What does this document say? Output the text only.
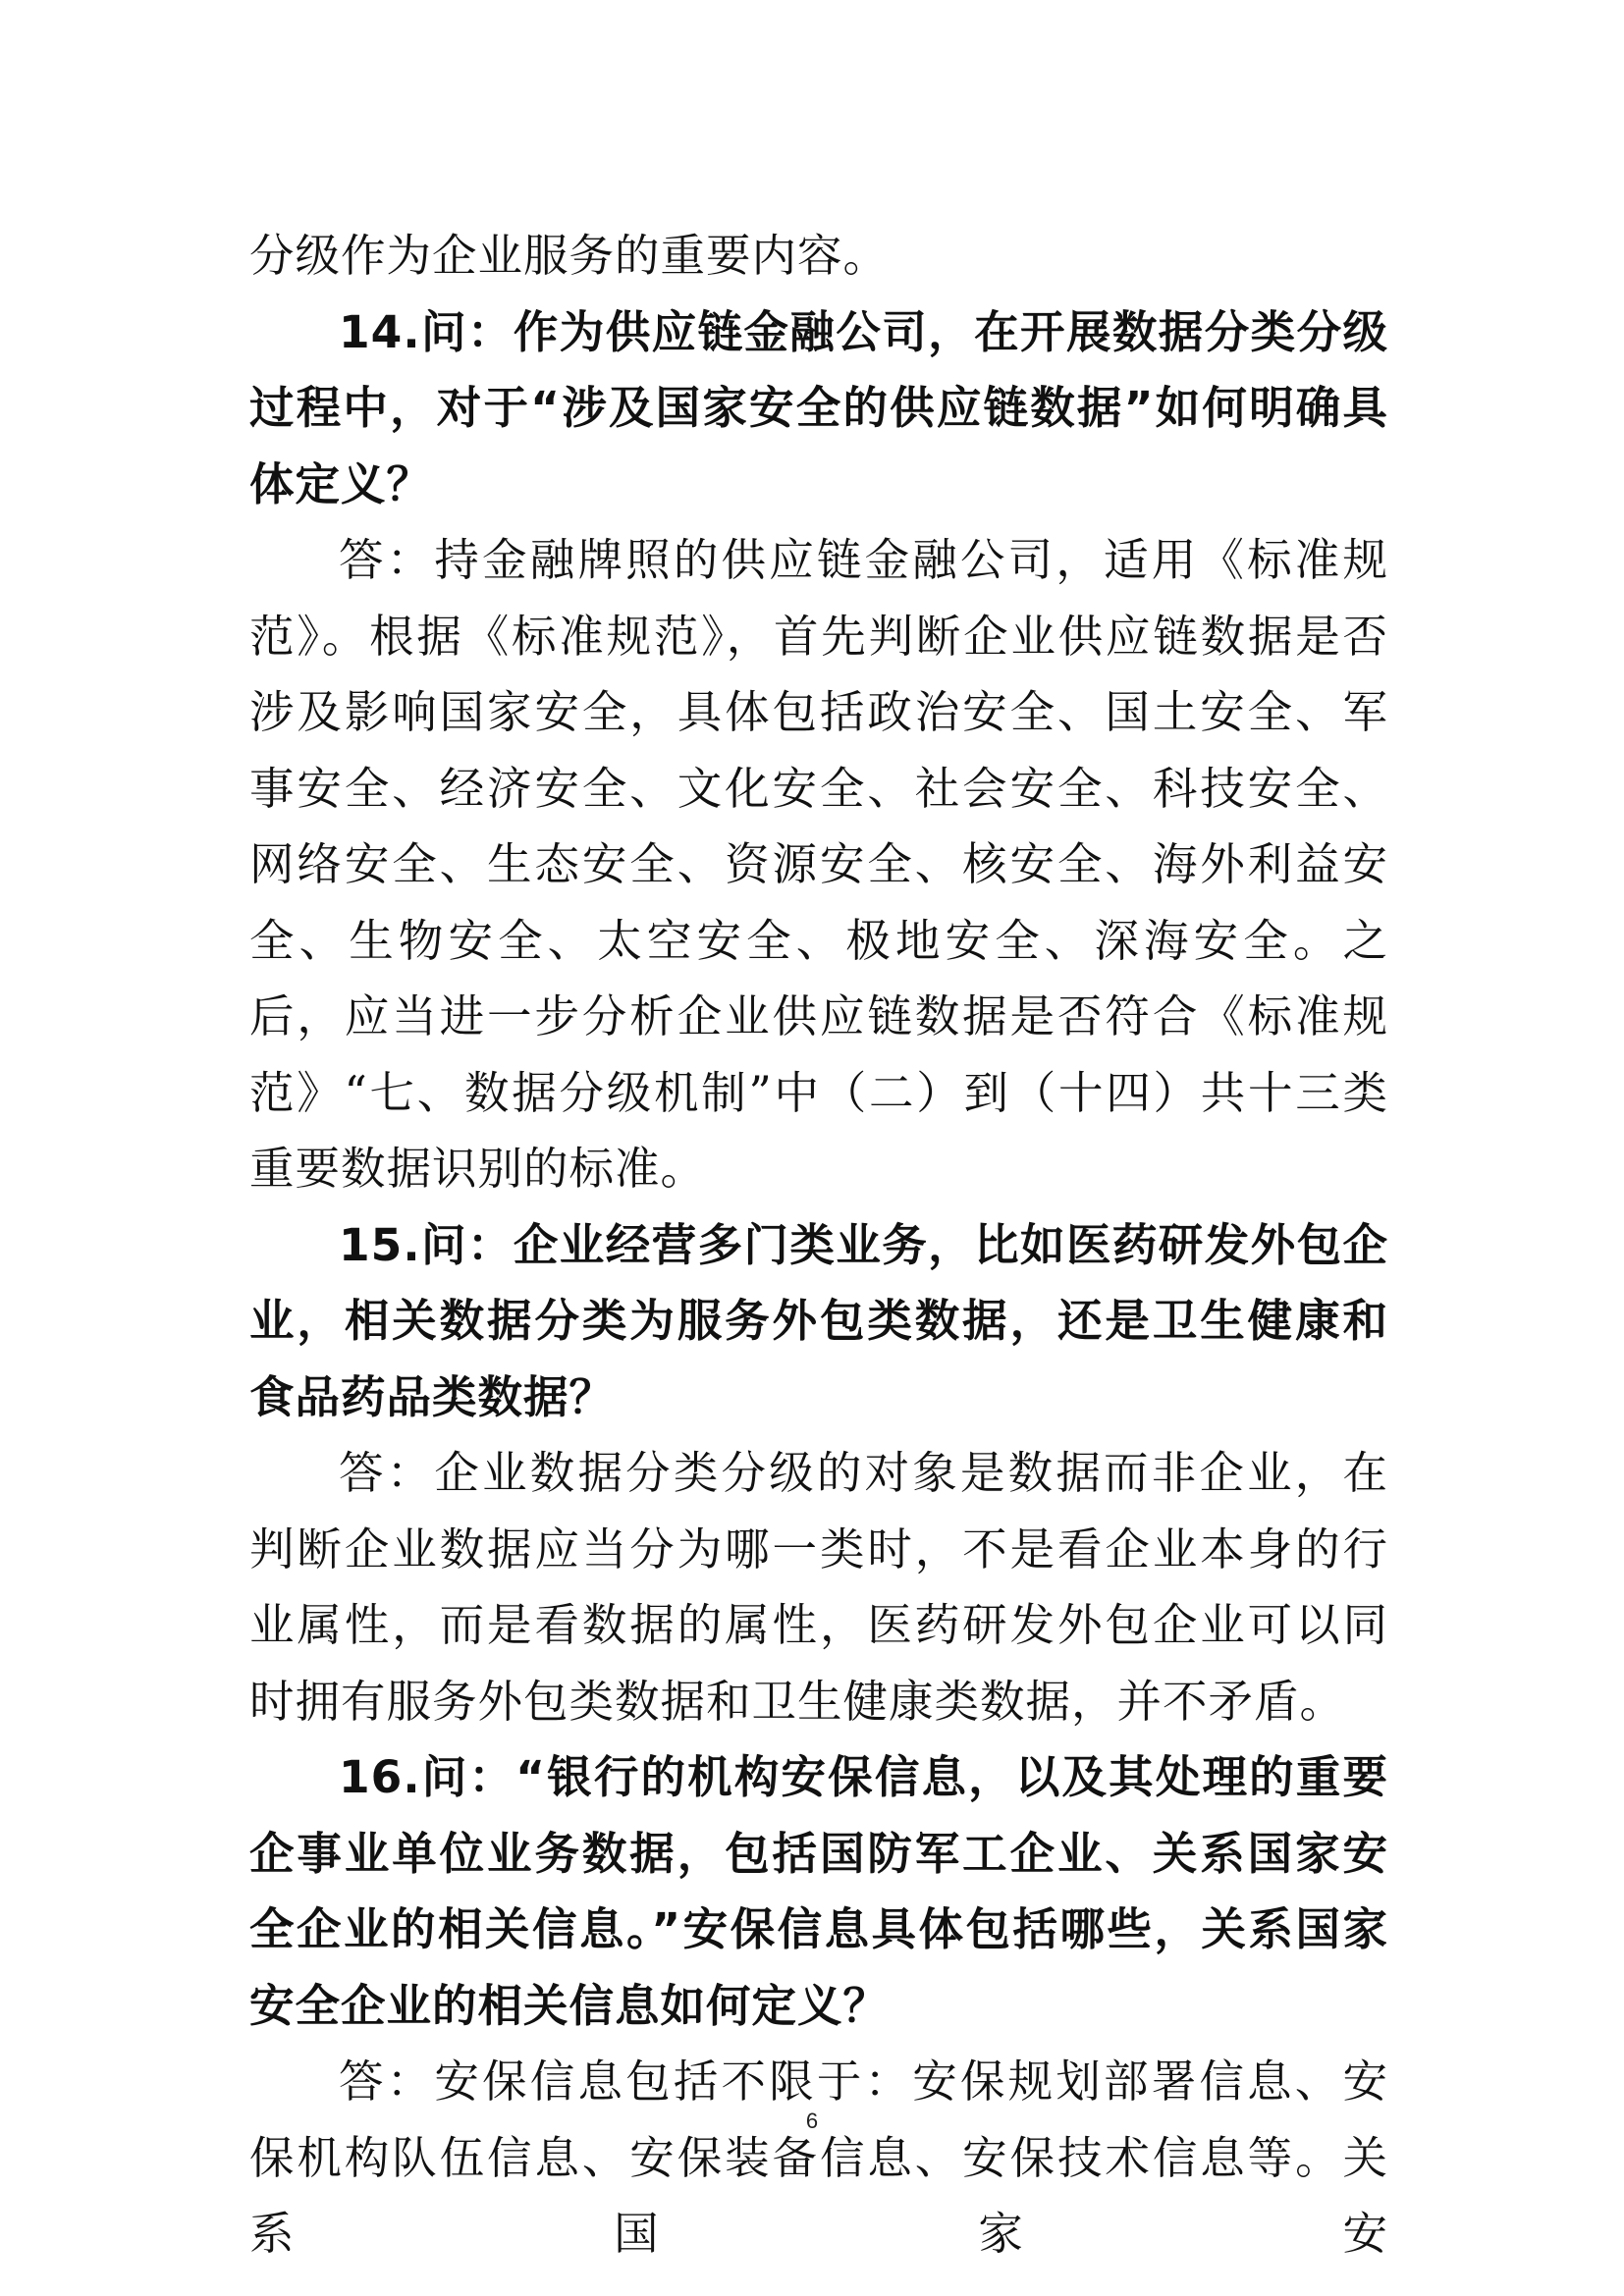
分级作为企业服务的重要内容。

14.问：作为供应链金融公司，在开展数据分类分级过程中，对于“涉及国家安全的供应链数据”如何明确具体定义？

答：持金融牌照的供应链金融公司，适用《标准规范》。根据《标准规范》，首先判断企业供应链数据是否涉及影响国家安全，具体包括政治安全、国土安全、军事安全、经济安全、文化安全、社会安全、科技安全、网络安全、生态安全、资源安全、核安全、海外利益安全、生物安全、太空安全、极地安全、深海安全。之后，应当进一步分析企业供应链数据是否符合《标准规范》“七、数据分级机制”中（二）到（十四）共十三类重要数据识别的标准。

15.问：企业经营多门类业务，比如医药研发外包企业，相关数据分类为服务外包类数据，还是卫生健康和食品药品类数据？

答：企业数据分类分级的对象是数据而非企业，在判断企业数据应当分为哪一类时，不是看企业本身的行业属性，而是看数据的属性，医药研发外包企业可以同时拥有服务外包类数据和卫生健康类数据，并不矛盾。

16.问：“银行的机构安保信息，以及其处理的重要企事业单位业务数据，包括国防军工企业、关系国家安全企业的相关信息。”安保信息具体包括哪些，关系国家安全企业的相关信息如何定义？

答：安保信息包括不限于：安保规划部署信息、安保机构队伍信息、安保装备信息、安保技术信息等。关系国家安

6
